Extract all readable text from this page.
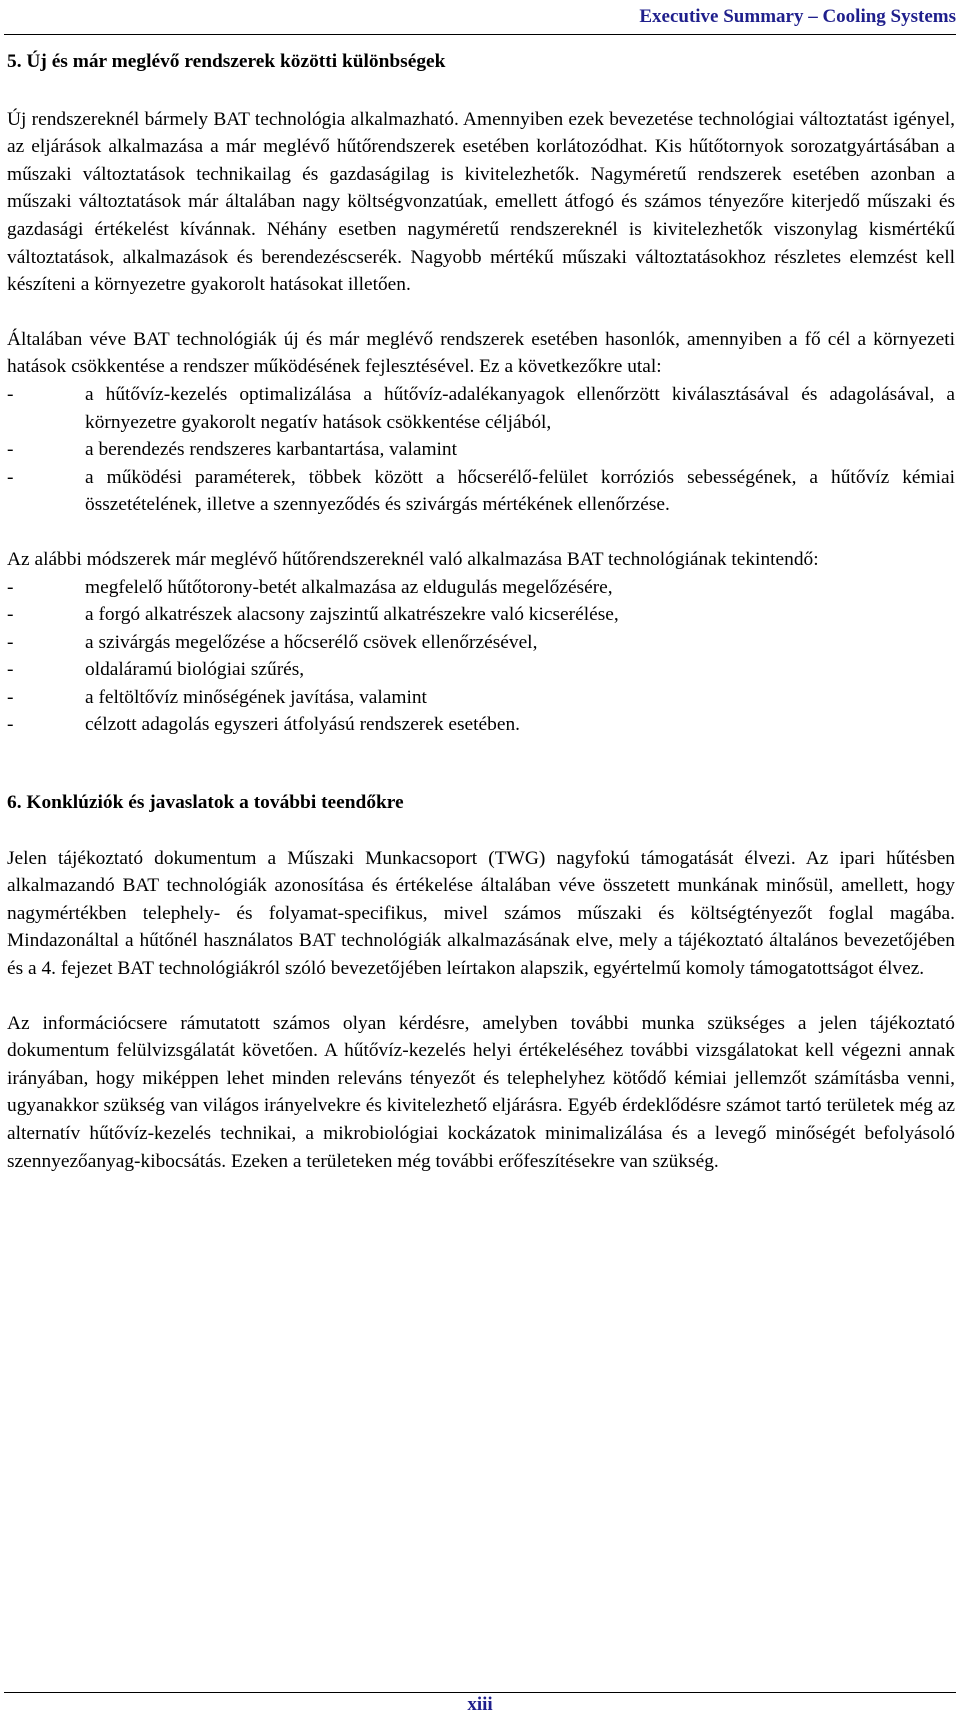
Executive Summary – Cooling Systems
5. Új és már meglévő rendszerek közötti különbségek

Új rendszereknél bármely BAT technológia alkalmazható. Amennyiben ezek bevezetése technológiai változtatást igényel, az eljárások alkalmazása a már meglévő hűtőrendszerek esetében korlátozódhat. Kis hűtőtornyok sorozatgyártásában a műszaki változtatások technikailag és gazdaságilag is kivitelezhetők. Nagyméretű rendszerek esetében azonban a műszaki változtatások már általában nagy költségvonzatúak, emellett átfogó és számos tényezőre kiterjedő műszaki és gazdasági értékelést kívánnak. Néhány esetben nagyméretű rendszereknél is kivitelezhetők viszonylag kismértékű változtatások, alkalmazások és berendezéscserék. Nagyobb mértékű műszaki változtatásokhoz részletes elemzést kell készíteni a környezetre gyakorolt hatásokat illetően.

Általában véve BAT technológiák új és már meglévő rendszerek esetében hasonlók, amennyiben a fő cél a környezeti hatások csökkentése a rendszer működésének fejlesztésével. Ez a következőkre utal:

-	a hűtővíz-kezelés optimalizálása a hűtővíz-adalékanyagok ellenőrzött kiválasztásával és adagolásával, a környezetre gyakorolt negatív hatások csökkentése céljából,
-	a berendezés rendszeres karbantartása, valamint
-	a működési paraméterek, többek között a hőcserélő-felület korróziós sebességének, a hűtővíz kémiai összetételének, illetve a szennyeződés és szivárgás mértékének ellenőrzése.

Az alábbi módszerek már meglévő hűtőrendszereknél való alkalmazása BAT technológiának tekintendő:

-	megfelelő hűtőtorony-betét alkalmazása az eldugulás megelőzésére,
-	a forgó alkatrészek alacsony zajszintű alkatrészekre való kicserélése,
-	a szivárgás megelőzése a hőcserélő csövek ellenőrzésével,
-	oldaláramú biológiai szűrés,
-	a feltöltővíz minőségének javítása, valamint
-	célzott adagolás egyszeri átfolyású rendszerek esetében.
6. Konklúziók és javaslatok a további teendőkre

Jelen tájékoztató dokumentum a Műszaki Munkacsoport (TWG) nagyfokú támogatását élvezi. Az ipari hűtésben alkalmazandó BAT technológiák azonosítása és értékelése általában véve összetett munkának minősül, amellett, hogy nagymértékben telephely- és folyamat-specifikus, mivel számos műszaki és költségtényezőt foglal magába. Mindazonáltal a hűtőnél használatos BAT technológiák alkalmazásának elve, mely a tájékoztató általános bevezetőjében és a 4. fejezet BAT technológiákról szóló bevezetőjében leírtakon alapszik, egyértelmű komoly támogatottságot élvez.

Az információcsere rámutatott számos olyan kérdésre, amelyben további munka szükséges a jelen tájékoztató dokumentum felülvizsgálatát követően. A hűtővíz-kezelés helyi értékeléséhez további vizsgálatokat kell végezni annak irányában, hogy miképpen lehet minden releváns tényezőt és telephelyhez kötődő kémiai jellemzőt számításba venni, ugyanakkor szükség van világos irányelvekre és kivitelezhető eljárásra. Egyéb érdeklődésre számot tartó területek még az alternatív hűtővíz-kezelés technikai, a mikrobiológiai kockázatok minimalizálása és a levegő minőségét befolyásoló szennyezőanyag-kibocsátás. Ezeken a területeken még további erőfeszítésekre van szükség.

xiii
